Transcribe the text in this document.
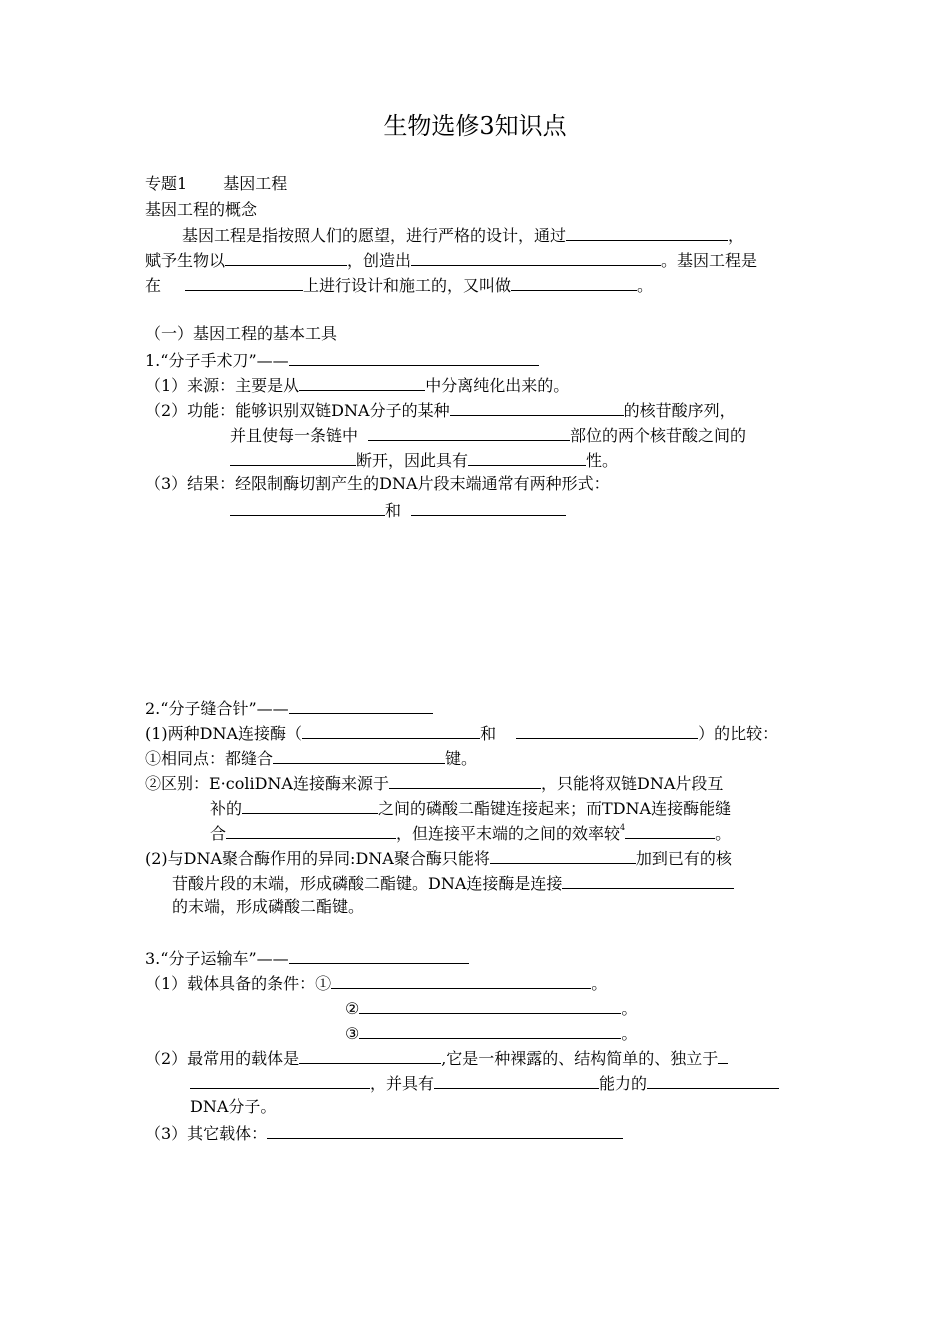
生物选修3知识点
专题1 基因工程
基因工程的概念
基因工程是指按照人们的愿望，进行严格的设计，通过	，
赋予生物以	，创造出	。基因工程是
在	上进行设计和施工的，又叫做	。
（一）基因工程的基本工具
1.“分子手术刀”——
（1）来源：主要是从	中分离纯化出来的。
（2）功能：能够识别双链DNA分子的某种	的核苷酸序列，
并且使每一条链中	部位的两个核苷酸之间的
断开，因此具有	性。
（3）结果：经限制酶切割产生的DNA片段末端通常有两种形式：
和
2.“分子缝合针”——
(1)两种DNA连接酶（	和	）的比较：
①相同点：都缝合	键。
②区别：E·coliDNA连接酶来源于	，只能将双链DNA片段互
补的	之间的磷酸二酯键连接起来；而TDNA连接酶能缝
合	，但连接平末端的之间的效率较$^4$	。
(2)与DNA聚合酶作用的异同:DNA聚合酶只能将	加到已有的核
苷酸片段的末端，形成磷酸二酯键。DNA连接酶是连接
的末端，形成磷酸二酯键。
3.“分子运输车”——
（1）载体具备的条件：①	。
②	。
③	。
（2）最常用的载体是	,它是一种裸露的、结构简单的、独立于
，并具有	能力的
DNA分子。
（3）其它载体：
